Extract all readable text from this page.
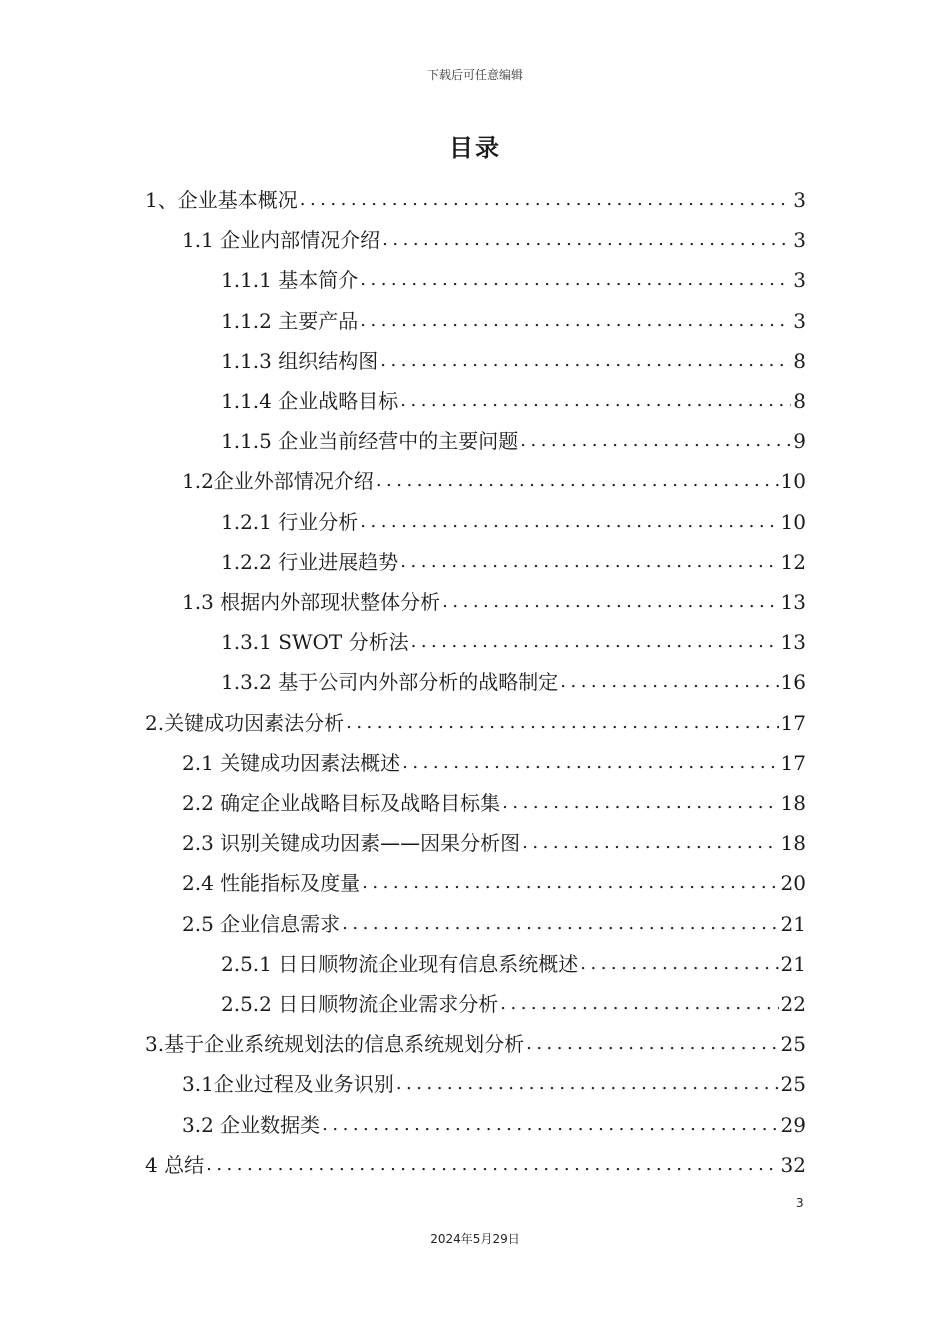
下载后可任意编辑
目录
1、 企业基本概况 .....	3
1.1 企业内部情况介绍 .....	3
1.1.1 基本简介 .....	3
1.1.2 主要产品 .....	3
1.1.3 组织结构图 .....	8
1.1.4 企业战略目标 .....	8
1.1.5 企业当前经营中的主要问题 .....	9
1.2 企业外部情况介绍 .....	10
1.2.1 行业分析 .....	10
1.2.2 行业进展趋势 .....	12
1.3 根据内外部现状整体分析 .....	13
1.3.1 SWOT 分析法 .....	13
1.3.2 基于公司内外部分析的战略制定 .....	16
2. 关键成功因素法分析 .....	17
2.1 关键成功因素法概述 .....	17
2.2 确定企业战略目标及战略目标集 .....	18
2.3 识别关键成功因素——因果分析图 .....	18
2.4 性能指标及度量 .....	20
2.5 企业信息需求 .....	21
2.5.1 日日顺物流企业现有信息系统概述 .....	21
2.5.2 日日顺物流企业需求分析 .....	22
3. 基于企业系统规划法的信息系统规划分析 .....	25
3.1 企业过程及业务识别 .....	25
3.2 企业数据类 .....	29
4 总结 .....	32
3
2024年5月29日
